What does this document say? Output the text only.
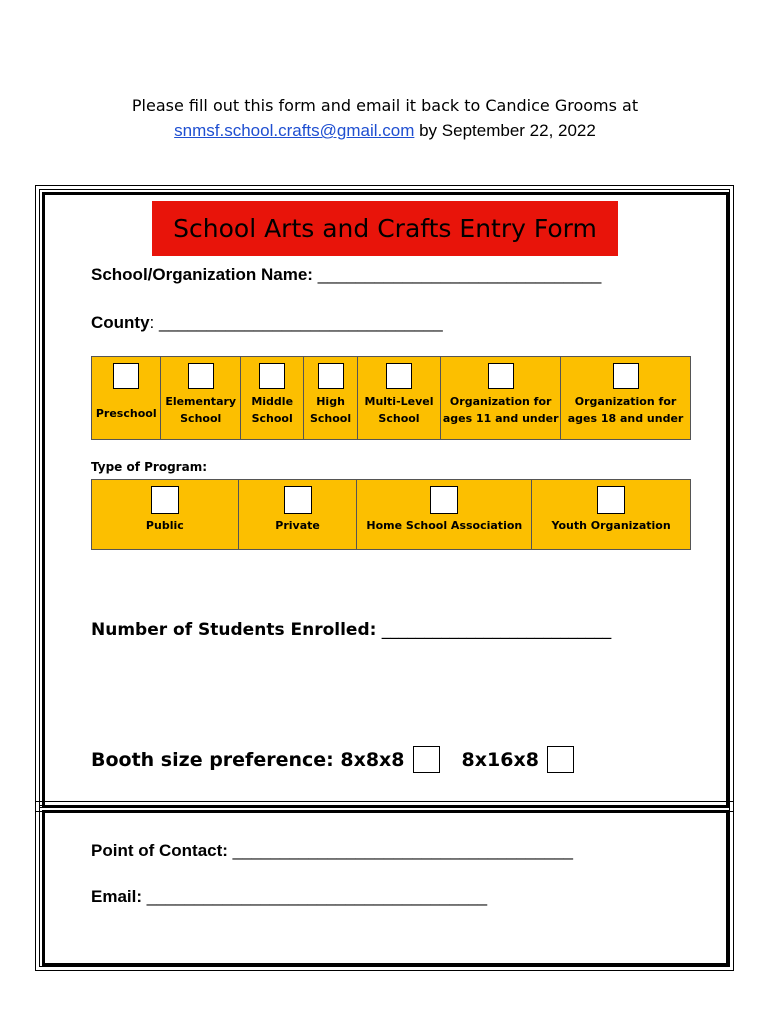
Please fill out this form and email it back to Candice Grooms at
snmsf.school.crafts@gmail.com by September 22, 2022
School Arts and Crafts Entry Form
School/Organization Name: ______________________________
County: ______________________________
Preschool

Elementary
School

Middle
School

High
School

Multi-Level
School

Organization for
ages 11 and under

Organization for
ages 18 and under
Type of Program:
Public	Private	Home School Association	Youth Organization
Number of Students Enrolled: ___________________________
Booth size preference: 8x8x8	8x16x8
Point of Contact: ____________________________________
Email: ____________________________________
